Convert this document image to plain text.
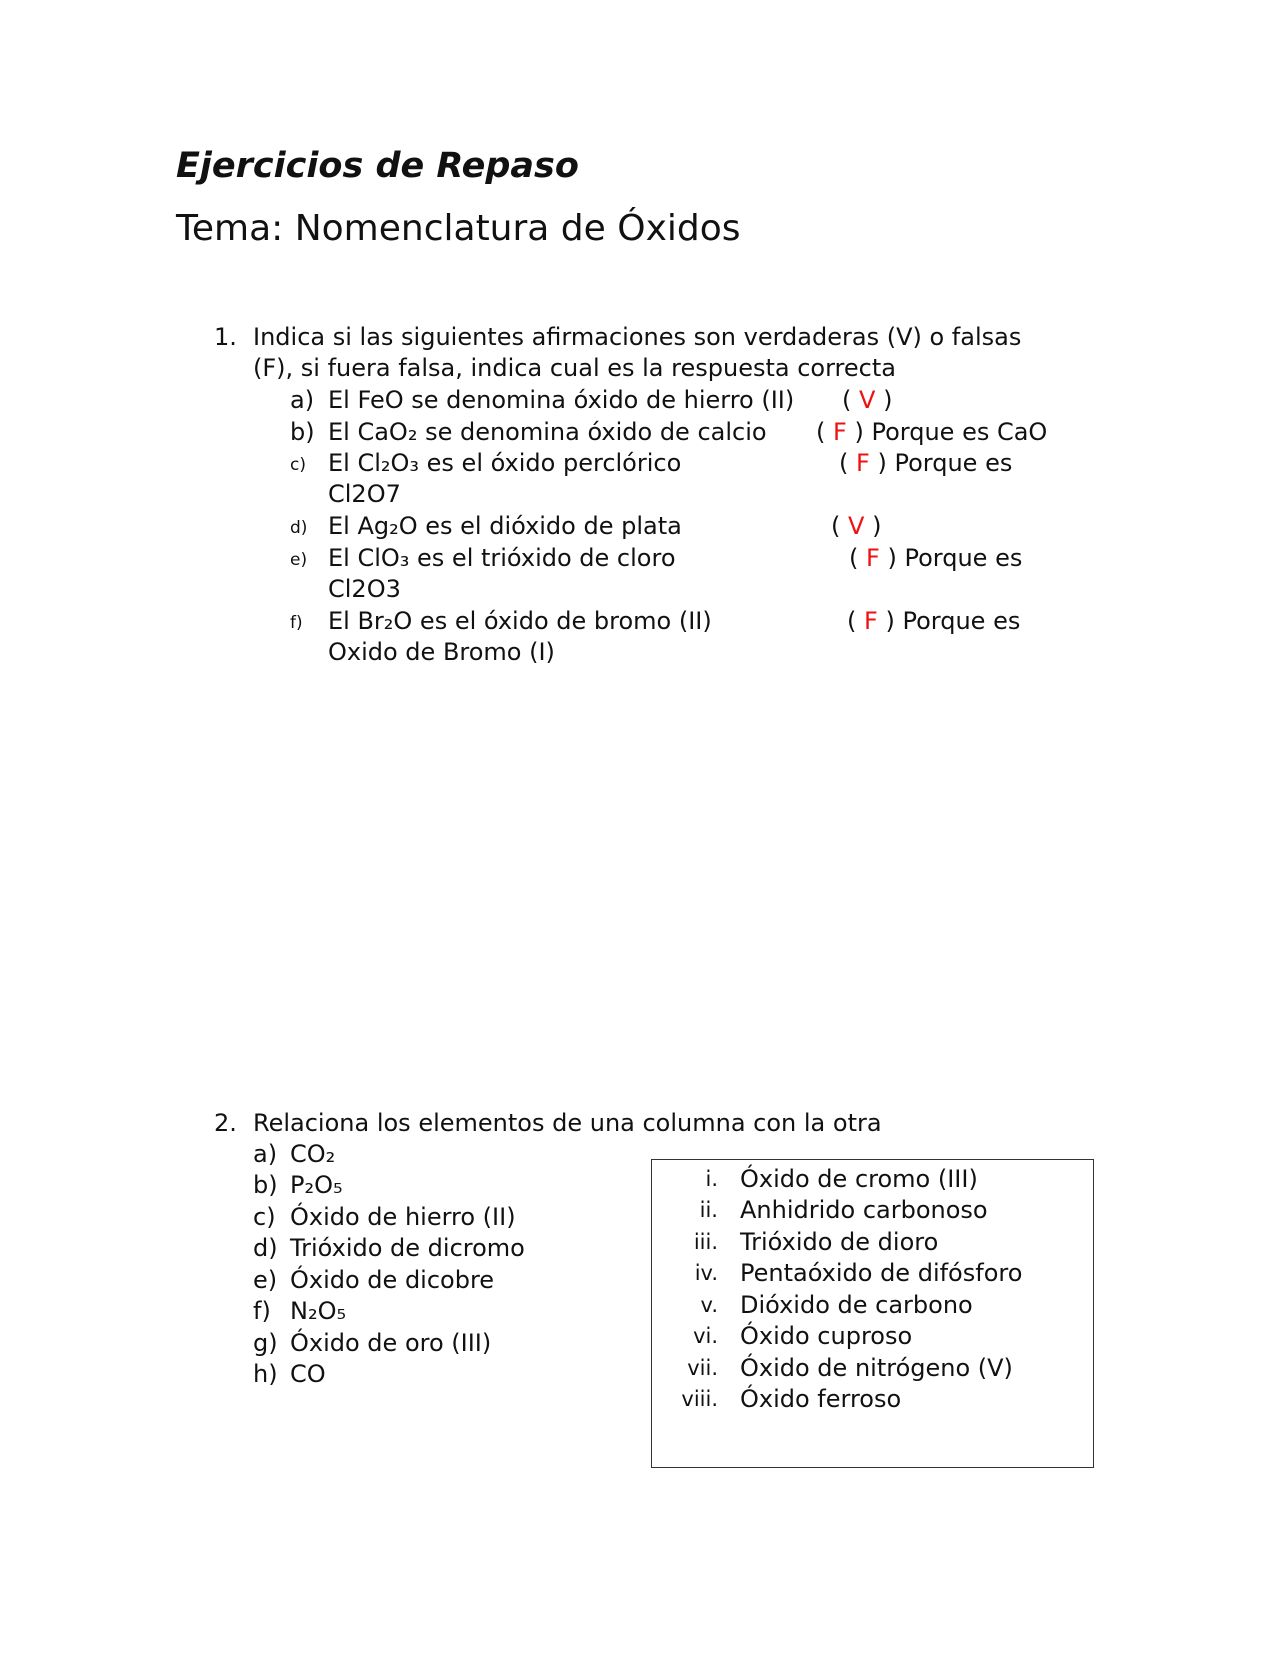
Ejercicios de Repaso
Tema: Nomenclatura de Óxidos
1. Indica si las siguientes afirmaciones son verdaderas (V) o falsas
(F), si fuera falsa, indica cual es la respuesta correcta
a) El FeO se denomina óxido de hierro (II) ( V )
b) El CaO₂ se denomina óxido de calcio ( F ) Porque es CaO
c) El Cl₂O₃ es el óxido perclórico	( F ) Porque es
Cl2O7
d) El Ag₂O es el dióxido de plata	( V )
e) El ClO₃ es el trióxido de cloro	( F ) Porque es
Cl2O3
f) El Br₂O es el óxido de bromo (II)	( F ) Porque es
Oxido de Bromo (I)
2. Relaciona los elementos de una columna con la otra
a) CO₂
b) P₂O₅
c) Óxido de hierro (II)
d) Trióxido de dicromo
e) Óxido de dicobre
f) N₂O₅
g) Óxido de oro (III)
h) CO
i. Óxido de cromo (III)
ii. Anhidrido carbonoso
iii. Trióxido de dioro
iv. Pentaóxido de difósforo
v. Dióxido de carbono
vi. Óxido cuproso
vii. Óxido de nitrógeno (V)
viii. Óxido ferroso
